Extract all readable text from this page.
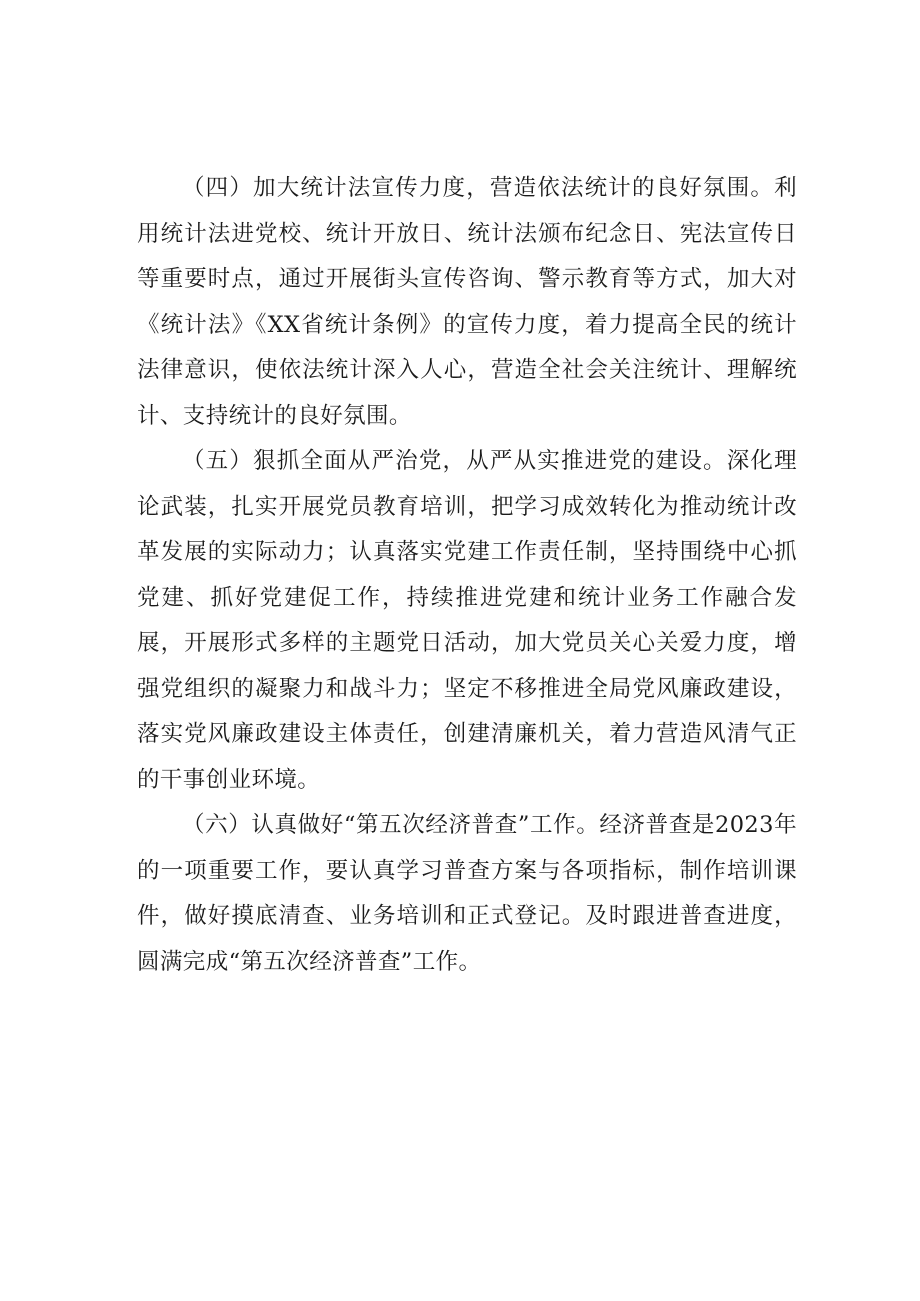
（四）加大统计法宣传力度，营造依法统计的良好氛围。利用统计法进党校、统计开放日、统计法颁布纪念日、宪法宣传日等重要时点，通过开展街头宣传咨询、警示教育等方式，加大对《统计法》《XX省统计条例》的宣传力度，着力提高全民的统计法律意识，使依法统计深入人心，营造全社会关注统计、理解统计、支持统计的良好氛围。

（五）狠抓全面从严治党，从严从实推进党的建设。深化理论武装，扎实开展党员教育培训，把学习成效转化为推动统计改革发展的实际动力；认真落实党建工作责任制，坚持围绕中心抓党建、抓好党建促工作，持续推进党建和统计业务工作融合发展，开展形式多样的主题党日活动，加大党员关心关爱力度，增强党组织的凝聚力和战斗力；坚定不移推进全局党风廉政建设，落实党风廉政建设主体责任，创建清廉机关，着力营造风清气正的干事创业环境。

（六）认真做好“第五次经济普查”工作。经济普查是2023年的一项重要工作，要认真学习普查方案与各项指标，制作培训课件，做好摸底清查、业务培训和正式登记。及时跟进普查进度，圆满完成“第五次经济普查”工作。
